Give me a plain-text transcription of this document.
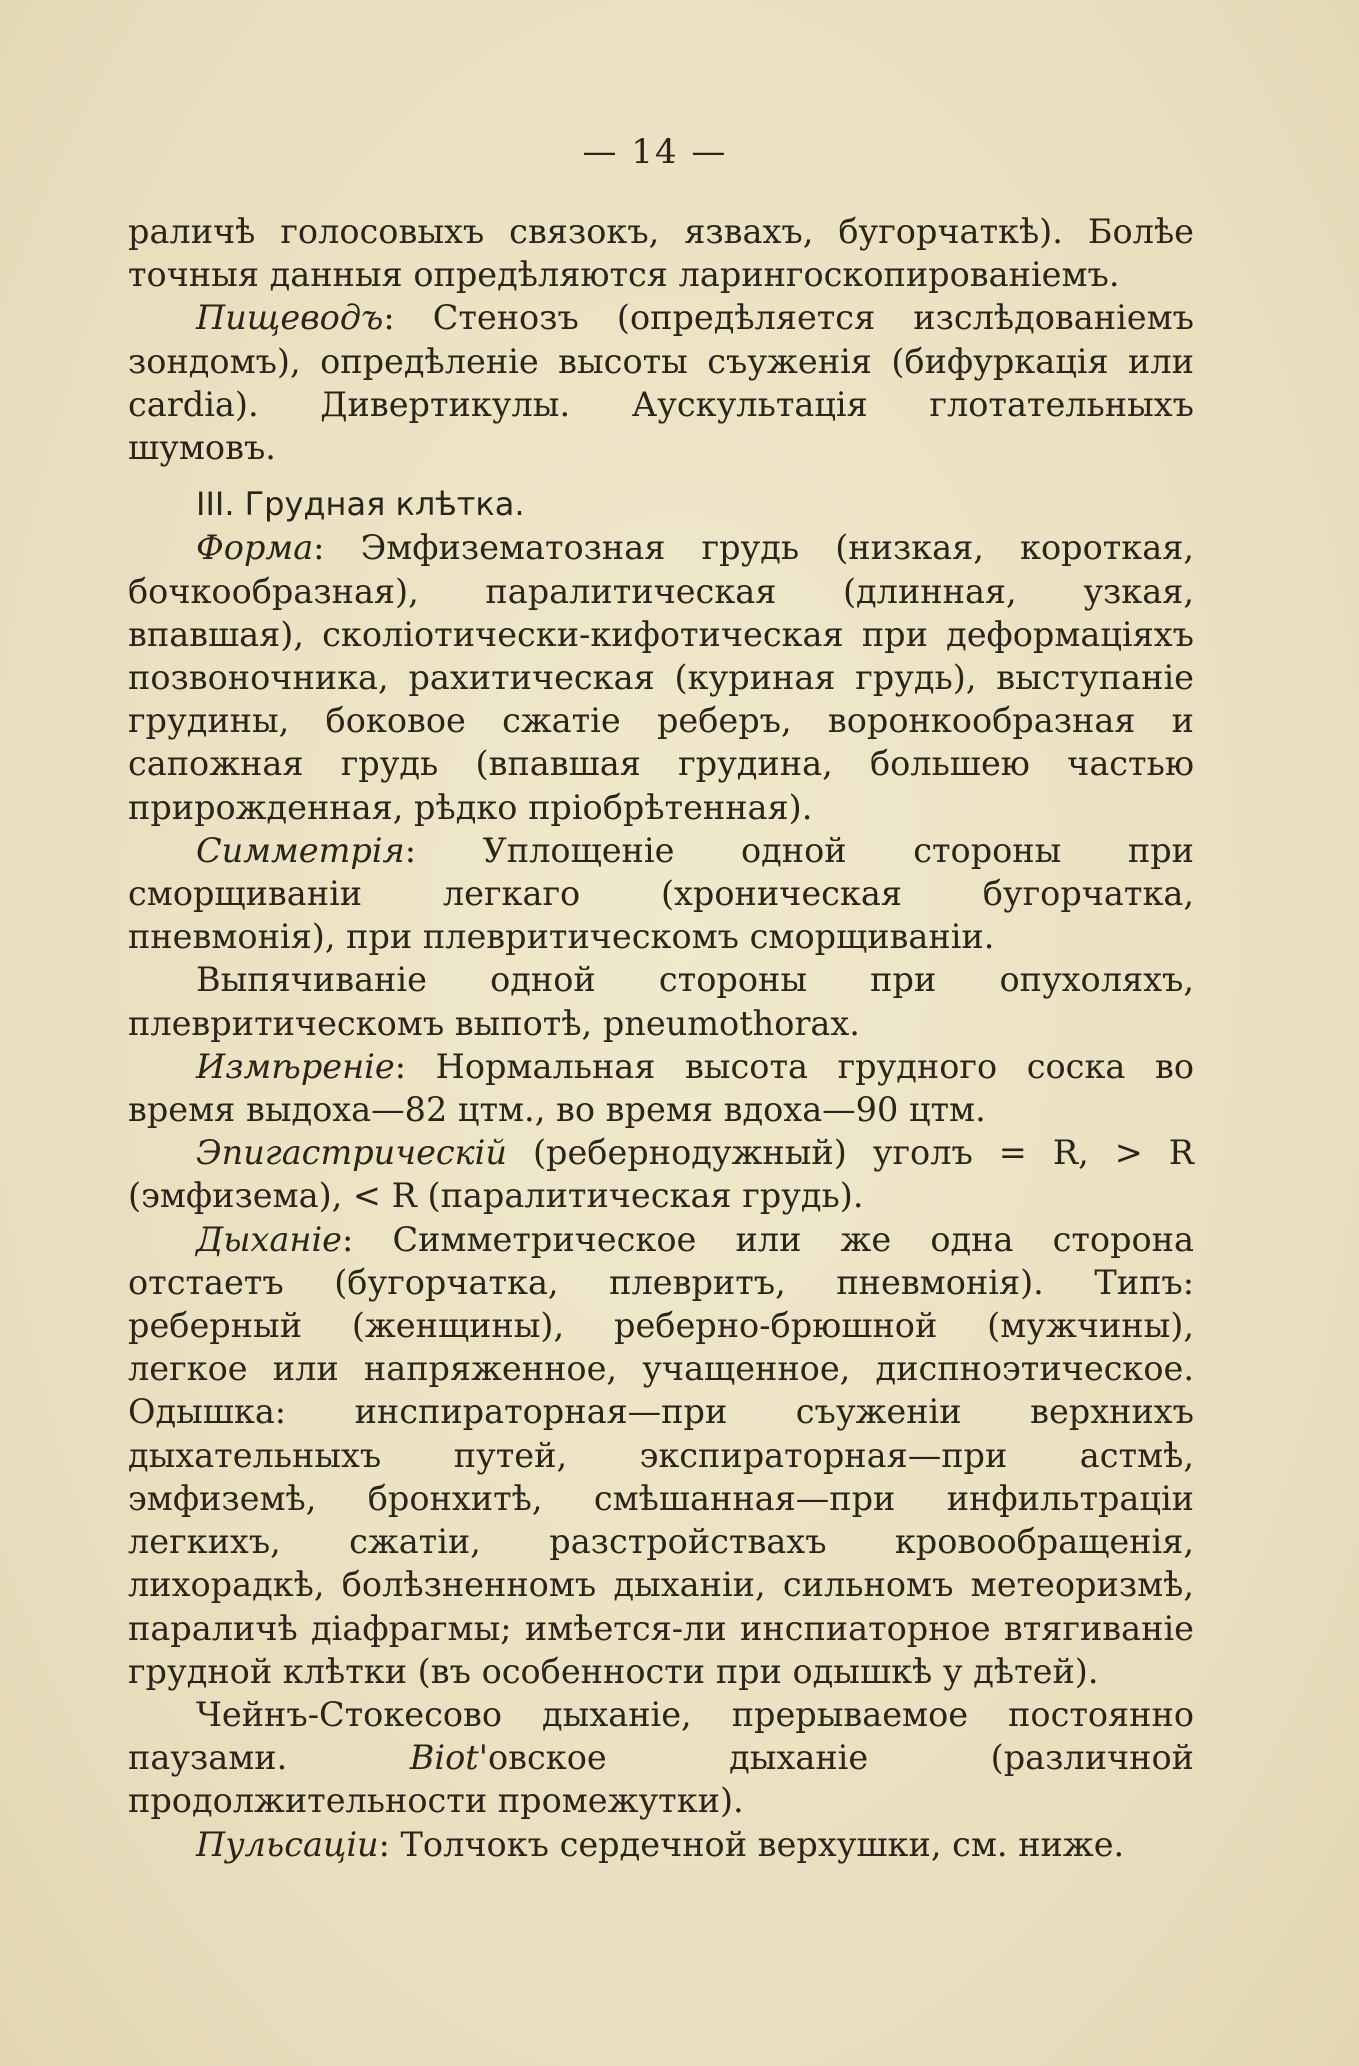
— 14 —

раличѣ голосовыхъ связокъ, язвахъ, бугорчаткѣ). Болѣе точныя данныя опредѣляются ларингоскопированіемъ.

Пищеводъ: Стенозъ (опредѣляется изслѣдованіемъ зондомъ), опредѣленіе высоты съуженія (бифуркація или cardia). Дивертикулы. Аускультація глотательныхъ шумовъ.

III. Грудная клѣтка.

Форма: Эмфизематозная грудь (низкая, короткая, бочкообразная), паралитическая (длинная, узкая, впавшая), сколіотически-кифотическая при деформаціяхъ позвоночника, рахитическая (куриная грудь), выступаніе грудины, боковое сжатіе реберъ, воронкообразная и сапожная грудь (впавшая грудина, большею частью прирожденная, рѣдко пріобрѣтенная).

Симметрія: Уплощеніе одной стороны при сморщиваніи легкаго (хроническая бугорчатка, пневмонія), при плевритическомъ сморщиваніи.

Выпячиваніе одной стороны при опухоляхъ, плевритическомъ выпотѣ, pneumothorax.

Измѣреніе: Нормальная высота грудного соска во время выдоха—82 цтм., во время вдоха—90 цтм.

Эпигастрическій (ребернодужный) уголъ = R, > R (эмфизема), < R (паралитическая грудь).

Дыханіе: Симметрическое или же одна сторона отстаетъ (бугорчатка, плевритъ, пневмонія). Типъ: реберный (женщины), реберно-брюшной (мужчины), легкое или напряженное, учащенное, диспноэтическое. Одышка: инспираторная—при съуженіи верхнихъ дыхательныхъ путей, экспираторная—при астмѣ, эмфиземѣ, бронхитѣ, смѣшанная—при инфильтраціи легкихъ, сжатіи, разстройствахъ кровообращенія, лихорадкѣ, болѣзненномъ дыханіи, сильномъ метеоризмѣ, параличѣ діафрагмы; имѣется-ли инспиаторное втягиваніе грудной клѣтки (въ особенности при одышкѣ у дѣтей).

Чейнъ-Стокесово дыханіе, прерываемое постоянно паузами.	Biot'овское дыханіе (различной продолжительности промежутки).

Пульсаціи: Толчокъ сердечной верхушки, см. ниже.
